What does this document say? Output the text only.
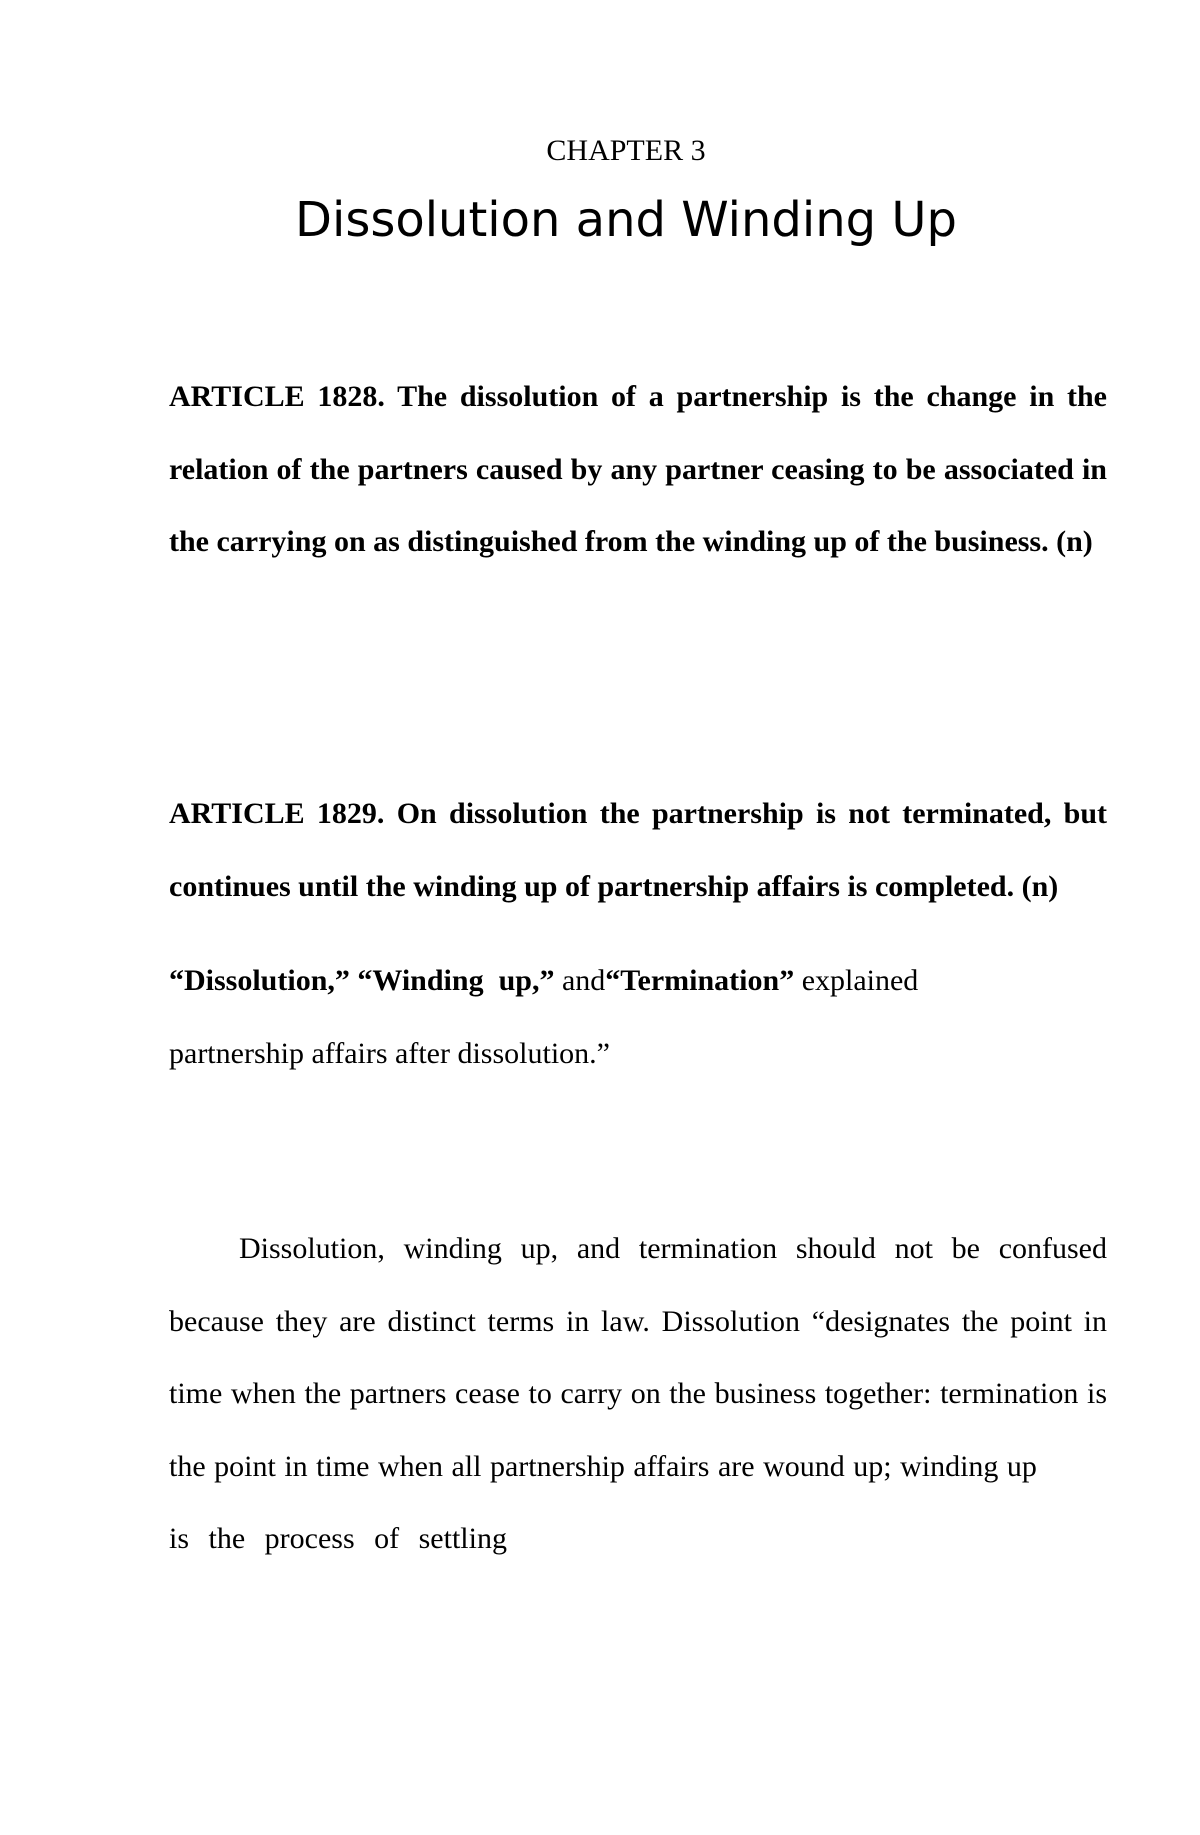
CHAPTER 3
Dissolution and Winding Up
ARTICLE 1828. The dissolution of a partnership is the change in the relation of the partners caused by any partner ceasing to be associated in the carrying on as distinguished from the winding up of the business. (n)
ARTICLE 1829. On dissolution the partnership is not terminated, but continues until the winding up of partnership affairs is completed. (n)
“Dissolution,” “Winding  up,” and“Termination” explained
partnership affairs after dissolution.”
Dissolution, winding up, and termination should not be confused because they are distinct terms in law. Dissolution “designates the point in time when the partners cease to carry on the business together: termination is the point in time when all partnership affairs are wound up; winding up
is the process of settling
